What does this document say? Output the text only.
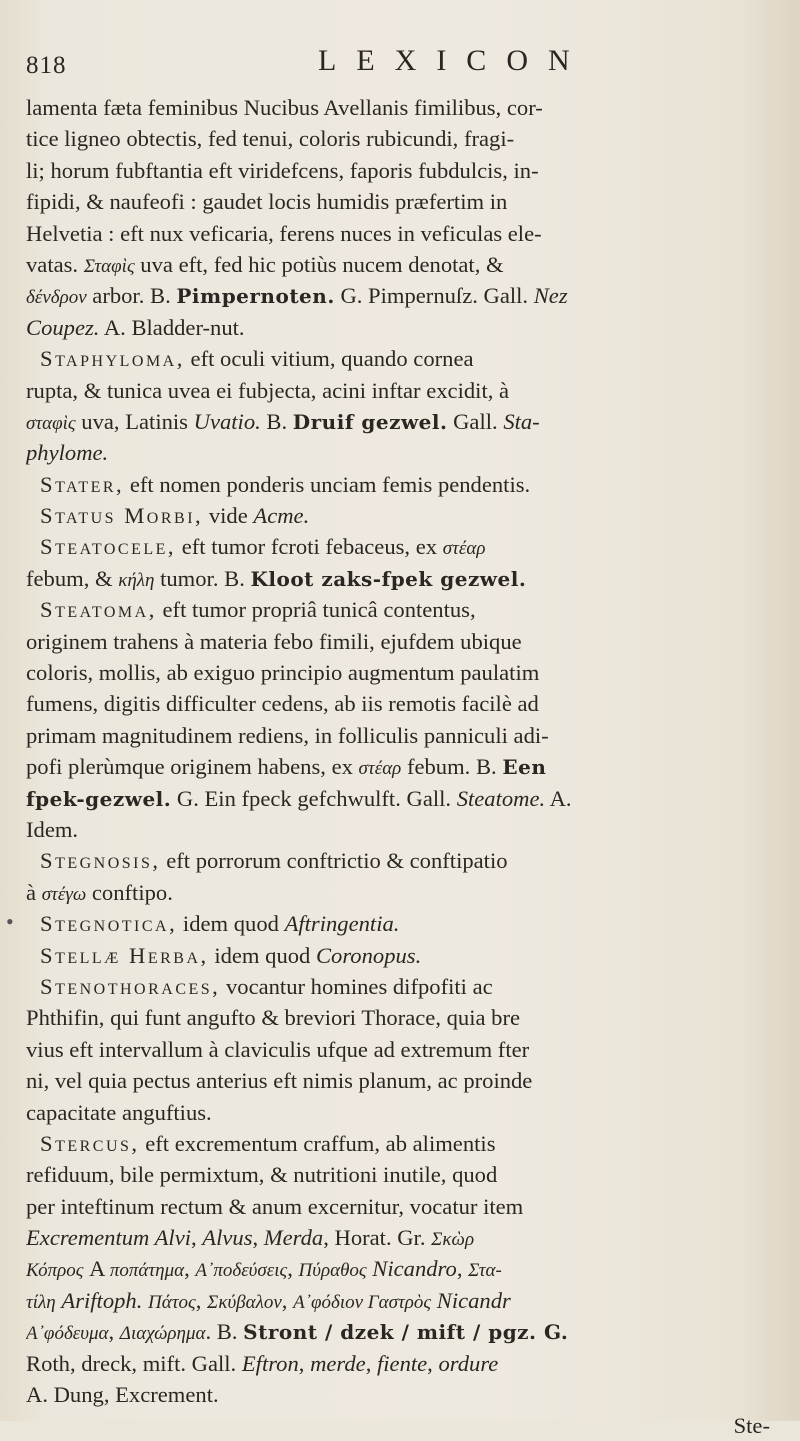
818	LEXICON
lamenta fæta feminibus Nucibus Avellanis fimilibus, cor-
tice ligneo obtectis, fed tenui, coloris rubicundi, fragi-
li; horum fubftantia eft viridefcens, faporis fubdulcis, in-
fipidi, & naufeofi : gaudet locis humidis præfertim in
Helvetia : eft nux veficaria, ferens nuces in veficulas ele-
vatas. Σταφὶς uva eft, fed hic potiùs nucem denotat, &
δένδρον arbor. B. Pimpernoten. G. Pimpernuſz. Gall. Nez
Coupez. A. Bladder-nut.
Staphyloma, eft oculi vitium, quando cornea
rupta, & tunica uvea ei fubjecta, acini inftar excidit, à
σταφὶς uva, Latinis Uvatio. B. Druif gezwel. Gall. Sta-
phylome.
Stater, eft nomen ponderis unciam femis pendentis.
Status Morbi, vide Acme.
Steatocele, eft tumor fcroti febaceus, ex στέαρ
febum, & κήλη tumor. B. Kloot zaks-fpek gezwel.
Steatoma, eft tumor propriâ tunicâ contentus,
originem trahens à materia febo fimili, ejufdem ubique
coloris, mollis, ab exiguo principio augmentum paulatim
fumens, digitis difficulter cedens, ab iis remotis facilè ad
primam magnitudinem rediens, in folliculis panniculi adi-
pofi plerùmque originem habens, ex στέαρ febum. B. Een
fpek-gezwel. G. Ein fpeck gefchwulft. Gall. Steatome. A.
Idem.
Stegnosis, eft porrorum conftrictio & conftipatio
à στέγω conftipo.
Stegnotica, idem quod Aftringentia.
Stellæ Herba, idem quod Coronopus.
Stenothoraces, vocantur homines difpofiti ac
Phthifin, qui funt angufto & breviori Thorace, quia bre
vius eft intervallum à claviculis ufque ad extremum fter
ni, vel quia pectus anterius eft nimis planum, ac proinde
capacitate anguftius.
Stercus, eft excrementum craffum, ab alimentis
refiduum, bile permixtum, & nutritioni inutile, quod
per inteftinum rectum & anum excernitur, vocatur item
Excrementum Alvi, Alvus, Merda, Horat. Gr. Σκὼρ
Κόπρος A ποπάτημα, Α᾽ποδεύσεις, Πύραθος Nicandro, Στα-
τίλη Ariftoph. Πάτος, Σκύβαλον, Α᾽φόδιον Γαστρὸς Nicandr
Α᾽φόδευμα, Διαχώρημα. B. Stront / dzek / mift / pgz. G.
Roth, dreck, mift. Gall. Eftron, merde, fiente, ordure
A. Dung, Excrement.
Ste-
•
